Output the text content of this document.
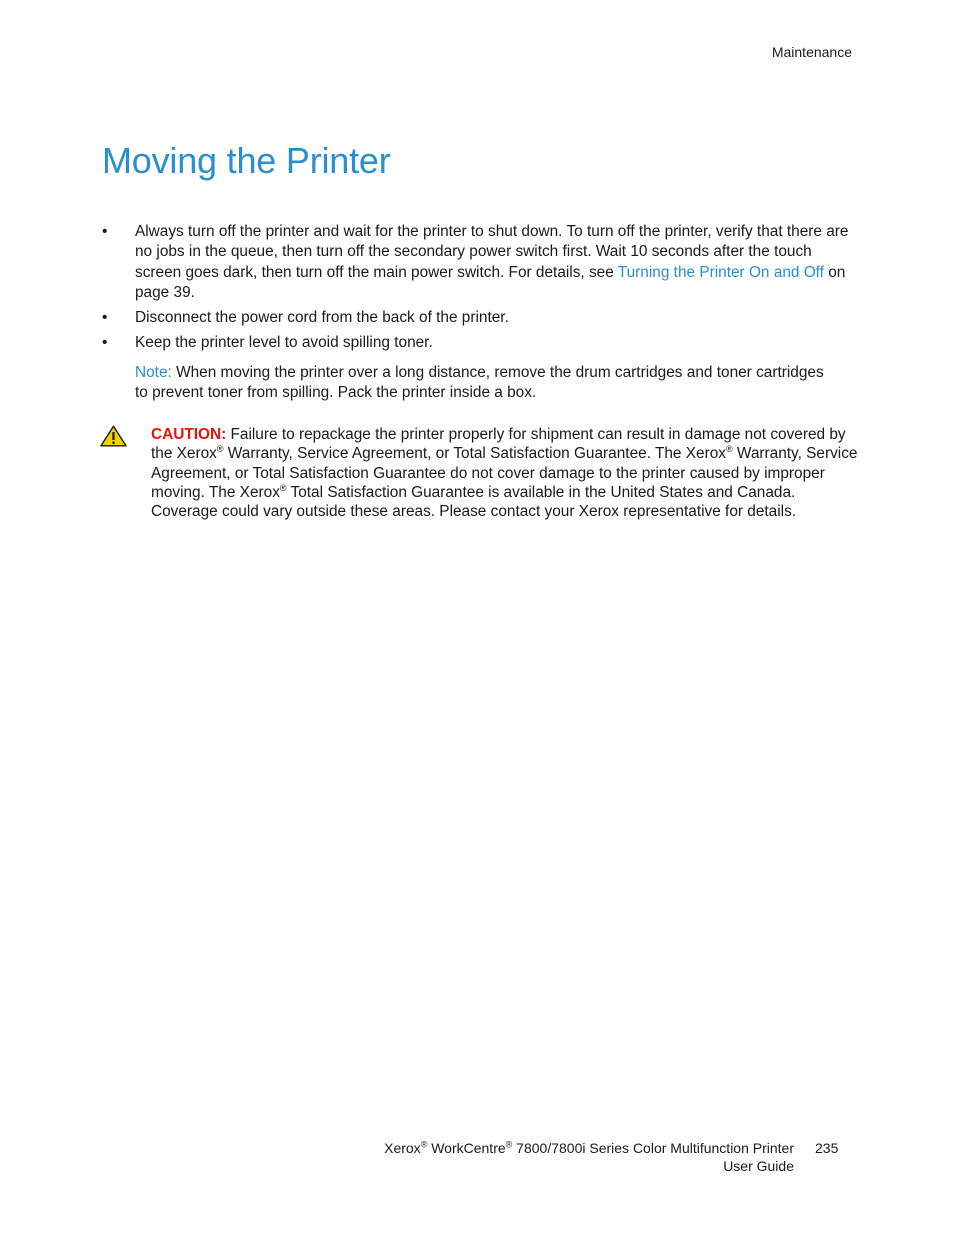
Maintenance
Moving the Printer
• Always turn off the printer and wait for the printer to shut down. To turn off the printer, verify that there are no jobs in the queue, then turn off the secondary power switch first. Wait 10 seconds after the touch screen goes dark, then turn off the main power switch. For details, see Turning the Printer On and Off on page 39.
• Disconnect the power cord from the back of the printer.
• Keep the printer level to avoid spilling toner.
Note: When moving the printer over a long distance, remove the drum cartridges and toner cartridges to prevent toner from spilling. Pack the printer inside a box.
CAUTION: Failure to repackage the printer properly for shipment can result in damage not covered by the Xerox® Warranty, Service Agreement, or Total Satisfaction Guarantee. The Xerox® Warranty, Service Agreement, or Total Satisfaction Guarantee do not cover damage to the printer caused by improper moving. The Xerox® Total Satisfaction Guarantee is available in the United States and Canada. Coverage could vary outside these areas. Please contact your Xerox representative for details.
Xerox® WorkCentre® 7800/7800i Series Color Multifunction Printer
User Guide
235
